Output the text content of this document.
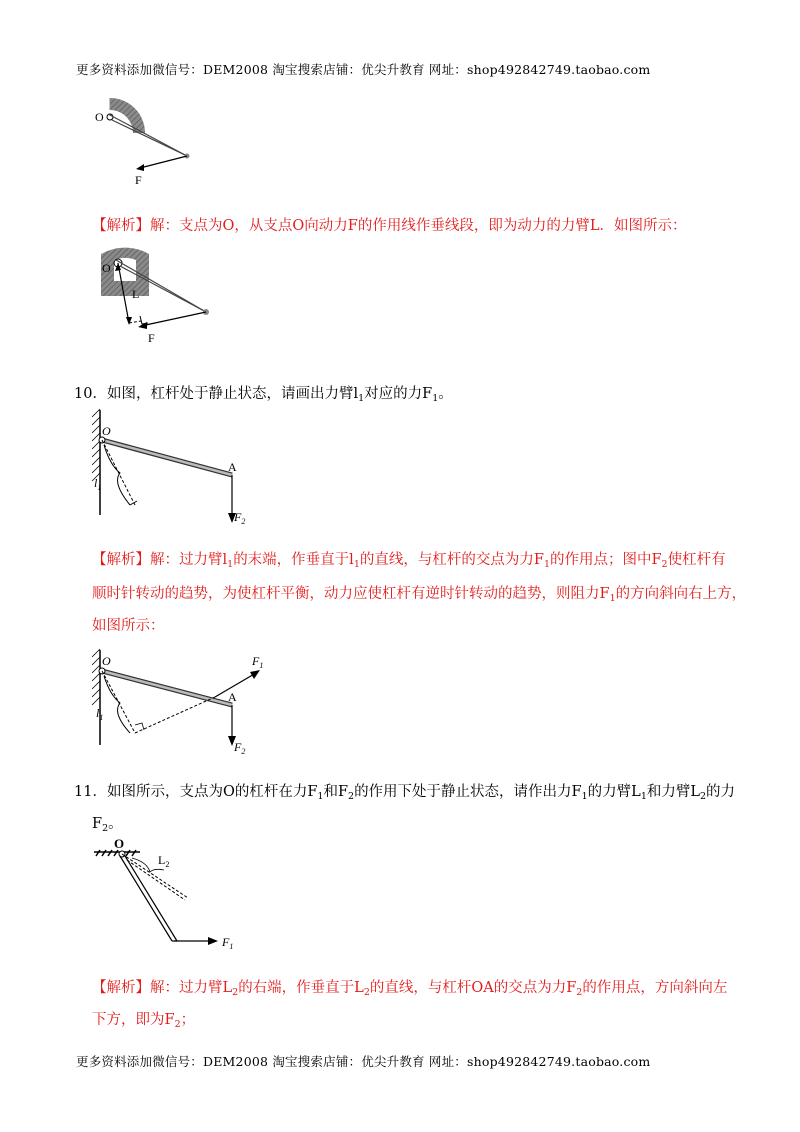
更多资料添加微信号：DEM2008 淘宝搜索店铺：优尖升教育 网址：shop492842749.taobao.com
O
F
【解析】解：支点为O，从支点O向动力F的作用线作垂线段，即为动力的力臂L．如图所示：
O
L
F
10．如图，杠杆处于静止状态，请画出力臂$l_1$对应的力$F_1$。
O
A
$l_1$
$F_2$
【解析】解：过力臂$l_1$的末端，作垂直于$l_1$的直线，与杠杆的交点为力$F_1$的作用点；图中$F_2$使杠杆有
顺时针转动的趋势，为使杠杆平衡，动力应使杠杆有逆时针转动的趋势，则阻力$F_1$的方向斜向右上方，
如图所示：
O
A
$l_1$
$F_1$
$F_2$
11．如图所示，支点为O的杠杆在力$F_1$和$F_2$的作用下处于静止状态，请作出力$F_1$的力臂$L_1$和力臂$L_2$的力
$F_2$。
O
$L_2$
$F_1$
【解析】解：过力臂$L_2$的右端，作垂直于$L_2$的直线，与杠杆OA的交点为力$F_2$的作用点，方向斜向左
下方，即为$F_2$；
更多资料添加微信号：DEM2008 淘宝搜索店铺：优尖升教育 网址：shop492842749.taobao.com
